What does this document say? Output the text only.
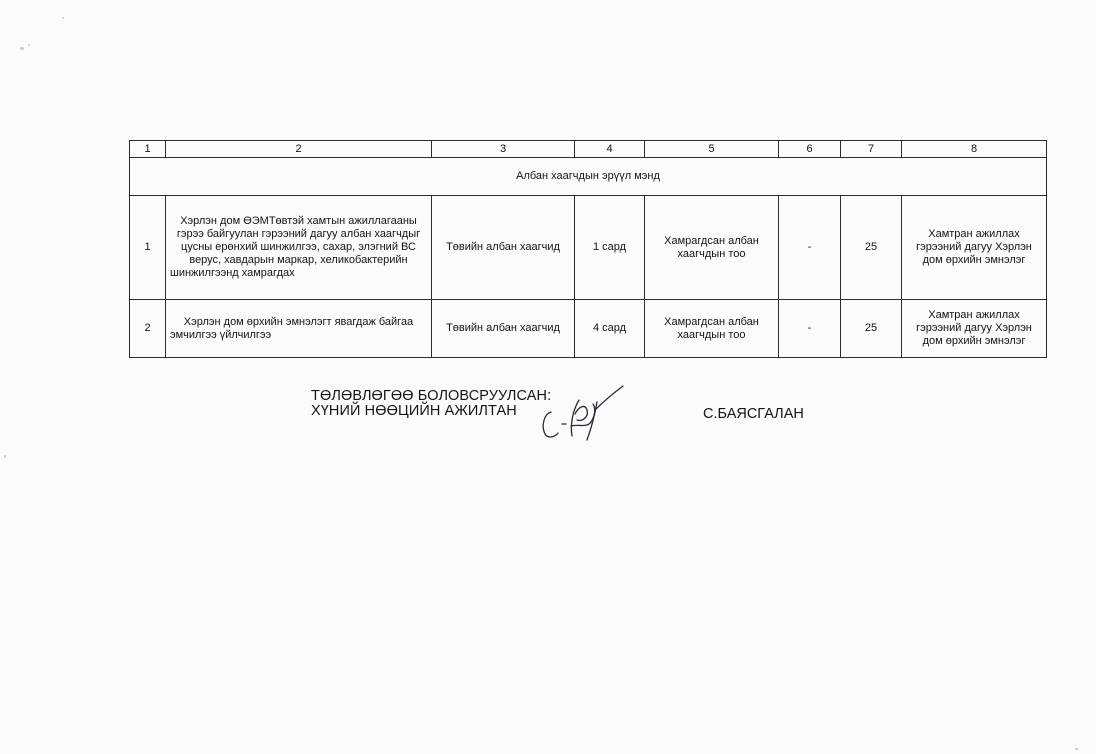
1	2	3	4	5	6	7	8
Албан хаагчдын эрүүл мэнд							
1	Хэрлэн дом ӨЭМТөвтэй хамтын ажиллагааны гэрээ байгуулан гэрээний дагуу албан хаагчдыг цусны ерөнхий шинжилгээ, сахар, элэгний ВС верус, хавдарын маркар, хеликобактерийн шинжилгээнд хамрагдах	Төвийн албан хаагчид	1 сард	Хамрагдсан албан хаагчдын тоо	-	25	Хамтран ажиллах гэрээний дагуу Хэрлэн дом өрхийн эмнэлэг
2	Хэрлэн дом өрхийн эмнэлэгт явагдаж байгаа эмчилгээ үйлчилгээ	Төвийн албан хаагчид	4 сард	Хамрагдсан албан хаагчдын тоо	-	25	Хамтран ажиллах гэрээний дагуу Хэрлэн дом өрхийн эмнэлэг
ТӨЛӨВЛӨГӨӨ БОЛОВСРУУЛСАН:
ХҮНИЙ НӨӨЦИЙН АЖИЛТАН	С.БАЯСГАЛАН
